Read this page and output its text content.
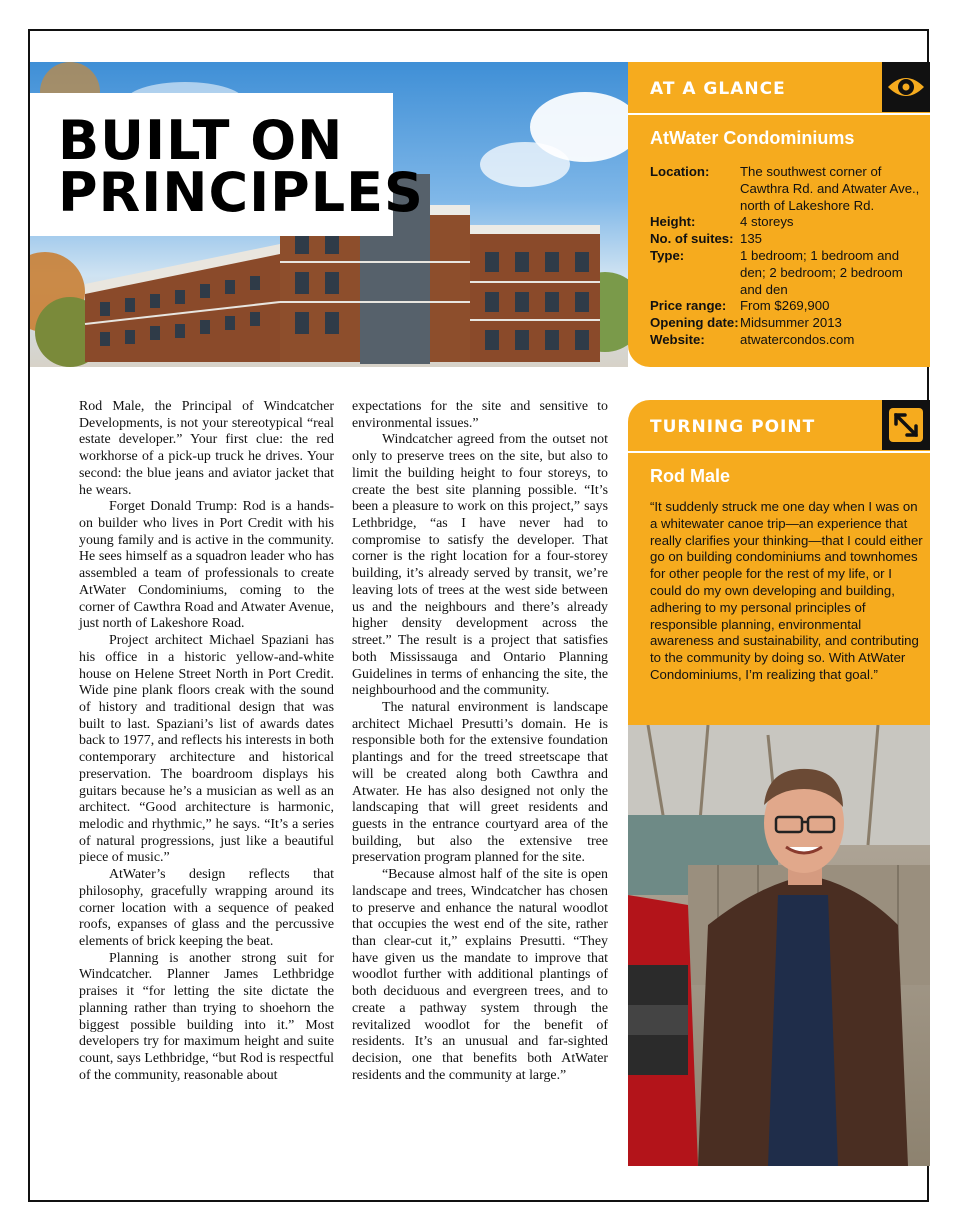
BUILT ON
PRINCIPLES
AT A GLANCE
AtWater Condominiums
Location:	The southwest corner of Cawthra Rd. and Atwater Ave., north of Lakeshore Rd.
Height:	4 storeys
No. of suites: 135
Type:	1 bedroom; 1 bedroom and den; 2 bedroom; 2 bedroom and den
Price range:	From $269,900
Opening date: Midsummer 2013
Website:	atwatercondos.com
TURNING POINT
Rod Male
“It suddenly struck me one day when I was on a whitewater canoe trip—an experience that really clarifies your thinking—that I could either go on building condominiums and townhomes for other people for the rest of my life, or I could do my own developing and building, adhering to my personal principles of responsible planning, environmental awareness and sustainability, and contributing to the community by doing so. With AtWater Condominiums, I’m realizing that goal.”

Rod Male, the Principal of Windcatcher Developments, is not your stereotypical “real estate developer.” Your first clue: the red workhorse of a pick-up truck he drives. Your second: the blue jeans and aviator jacket that he wears.

Forget Donald Trump: Rod is a hands-on builder who lives in Port Credit with his young family and is active in the community. He sees himself as a squadron leader who has assembled a team of professionals to create AtWater Condominiums, coming to the corner of Cawthra Road and Atwater Avenue, just north of Lakeshore Road.

Project architect Michael Spaziani has his office in a historic yellow-and-white house on Helene Street North in Port Credit. Wide pine plank floors creak with the sound of history and traditional design that was built to last. Spaziani’s list of awards dates back to 1977, and reflects his interests in both contemporary architecture and historical preservation. The boardroom displays his guitars because he’s a musician as well as an architect. “Good architecture is harmonic, melodic and rhythmic,” he says. “It’s a series of natural progressions, just like a beautiful piece of music.”

AtWater’s design reflects that philosophy, gracefully wrapping around its corner location with a sequence of peaked roofs, expanses of glass and the percussive elements of brick keeping the beat.

Planning is another strong suit for Windcatcher. Planner James Lethbridge praises it “for letting the site dictate the planning rather than trying to shoehorn the biggest possible building into it.” Most developers try for maximum height and suite count, says Lethbridge, “but Rod is respectful of the community, reasonable about

expectations for the site and sensitive to environmental issues.”

Windcatcher agreed from the outset not only to preserve trees on the site, but also to limit the building height to four storeys, to create the best site planning possible. “It’s been a pleasure to work on this project,” says Lethbridge, “as I have never had to compromise to satisfy the developer. That corner is the right location for a four-storey building, it’s already served by transit, we’re leaving lots of trees at the west side between us and the neighbours and there’s already higher density development across the street.” The result is a project that satisfies both Mississauga and Ontario Planning Guidelines in terms of enhancing the site, the neighbourhood and the community.

The natural environment is landscape architect Michael Presutti’s domain. He is responsible both for the extensive foundation plantings and for the treed streetscape that will be created along both Cawthra and Atwater. He has also designed not only the landscaping that will greet residents and guests in the entrance courtyard area of the building, but also the extensive tree preservation program planned for the site.

“Because almost half of the site is open landscape and trees, Windcatcher has chosen to preserve and enhance the natural woodlot that occupies the west end of the site, rather than clear-cut it,” explains Presutti. “They have given us the mandate to improve that woodlot further with additional plantings of both deciduous and evergreen trees, and to create a pathway system through the revitalized woodlot for the benefit of residents. It’s an unusual and far-sighted decision, one that benefits both AtWater residents and the community at large.”
